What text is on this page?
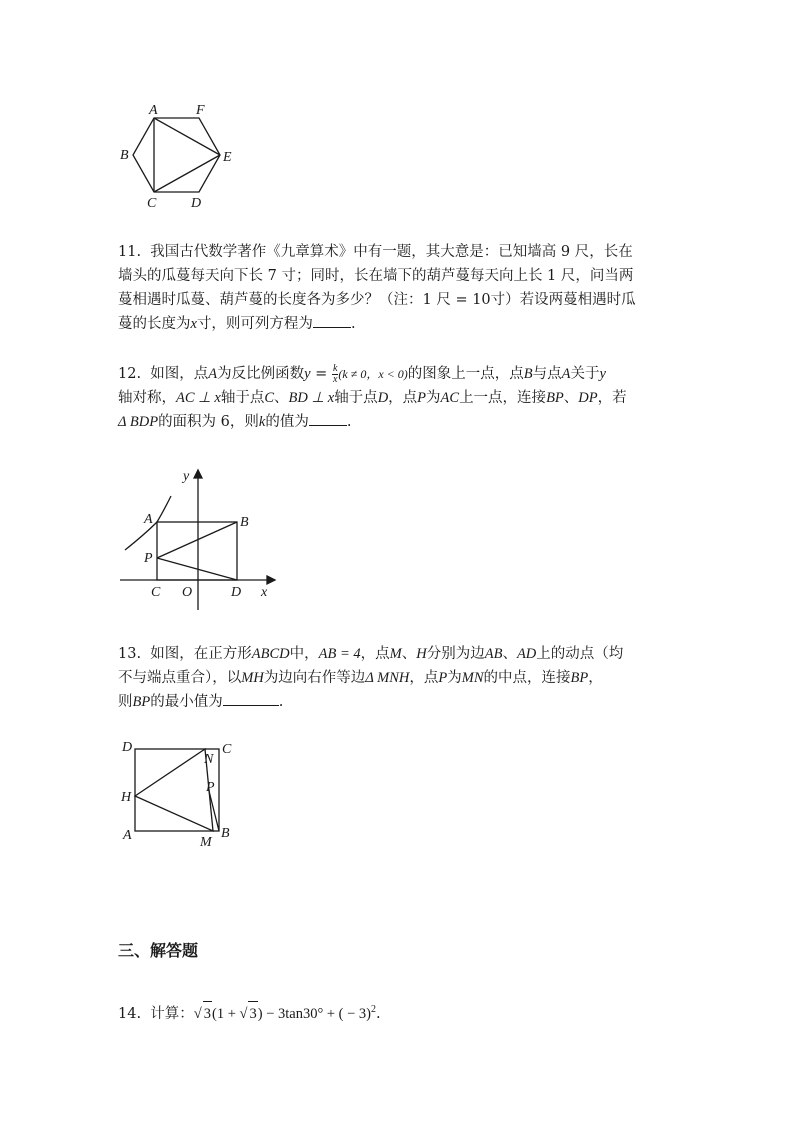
A	F
B	E
C D

11. 我国古代数学著作《九章算术》中有一题，其大意是：已知墙高 9 尺，长在

墙头的瓜蔓每天向下长 7 寸；同时，长在墙下的葫芦蔓每天向上长 1 尺，问当两

蔓相遇时瓜蔓、葫芦蔓的长度各为多少？（注：1 尺 = 10寸）若设两蔓相遇时瓜

蔓的长度为x寸，则可列方程为	.

12. 如图，点A为反比例函数$y = \frac{k}{x} (k \ne 0$，x < 0)的图象上一点，点B与点A关于y

轴对称，AC ⊥ x轴于点C、BD ⊥ x轴于点D，点P为AC上一点，连接BP、DP，若

Δ BDP的面积为 6，则k的值为	.

y
A	B
P
C O	D x

13. 如图，在正方形ABCD中，AB = 4，点M、H分别为边AB、AD上的动点（均

不与端点重合），以MH为边向右作等边Δ MNH，点P为MN的中点，连接BP，

则BP的最小值为	.

D	C
N
P
H
A	M
B
三、解答题

14. 计算：√ 3(1 + √ 3) − 3tan30° + ( − 3)$^2$.
